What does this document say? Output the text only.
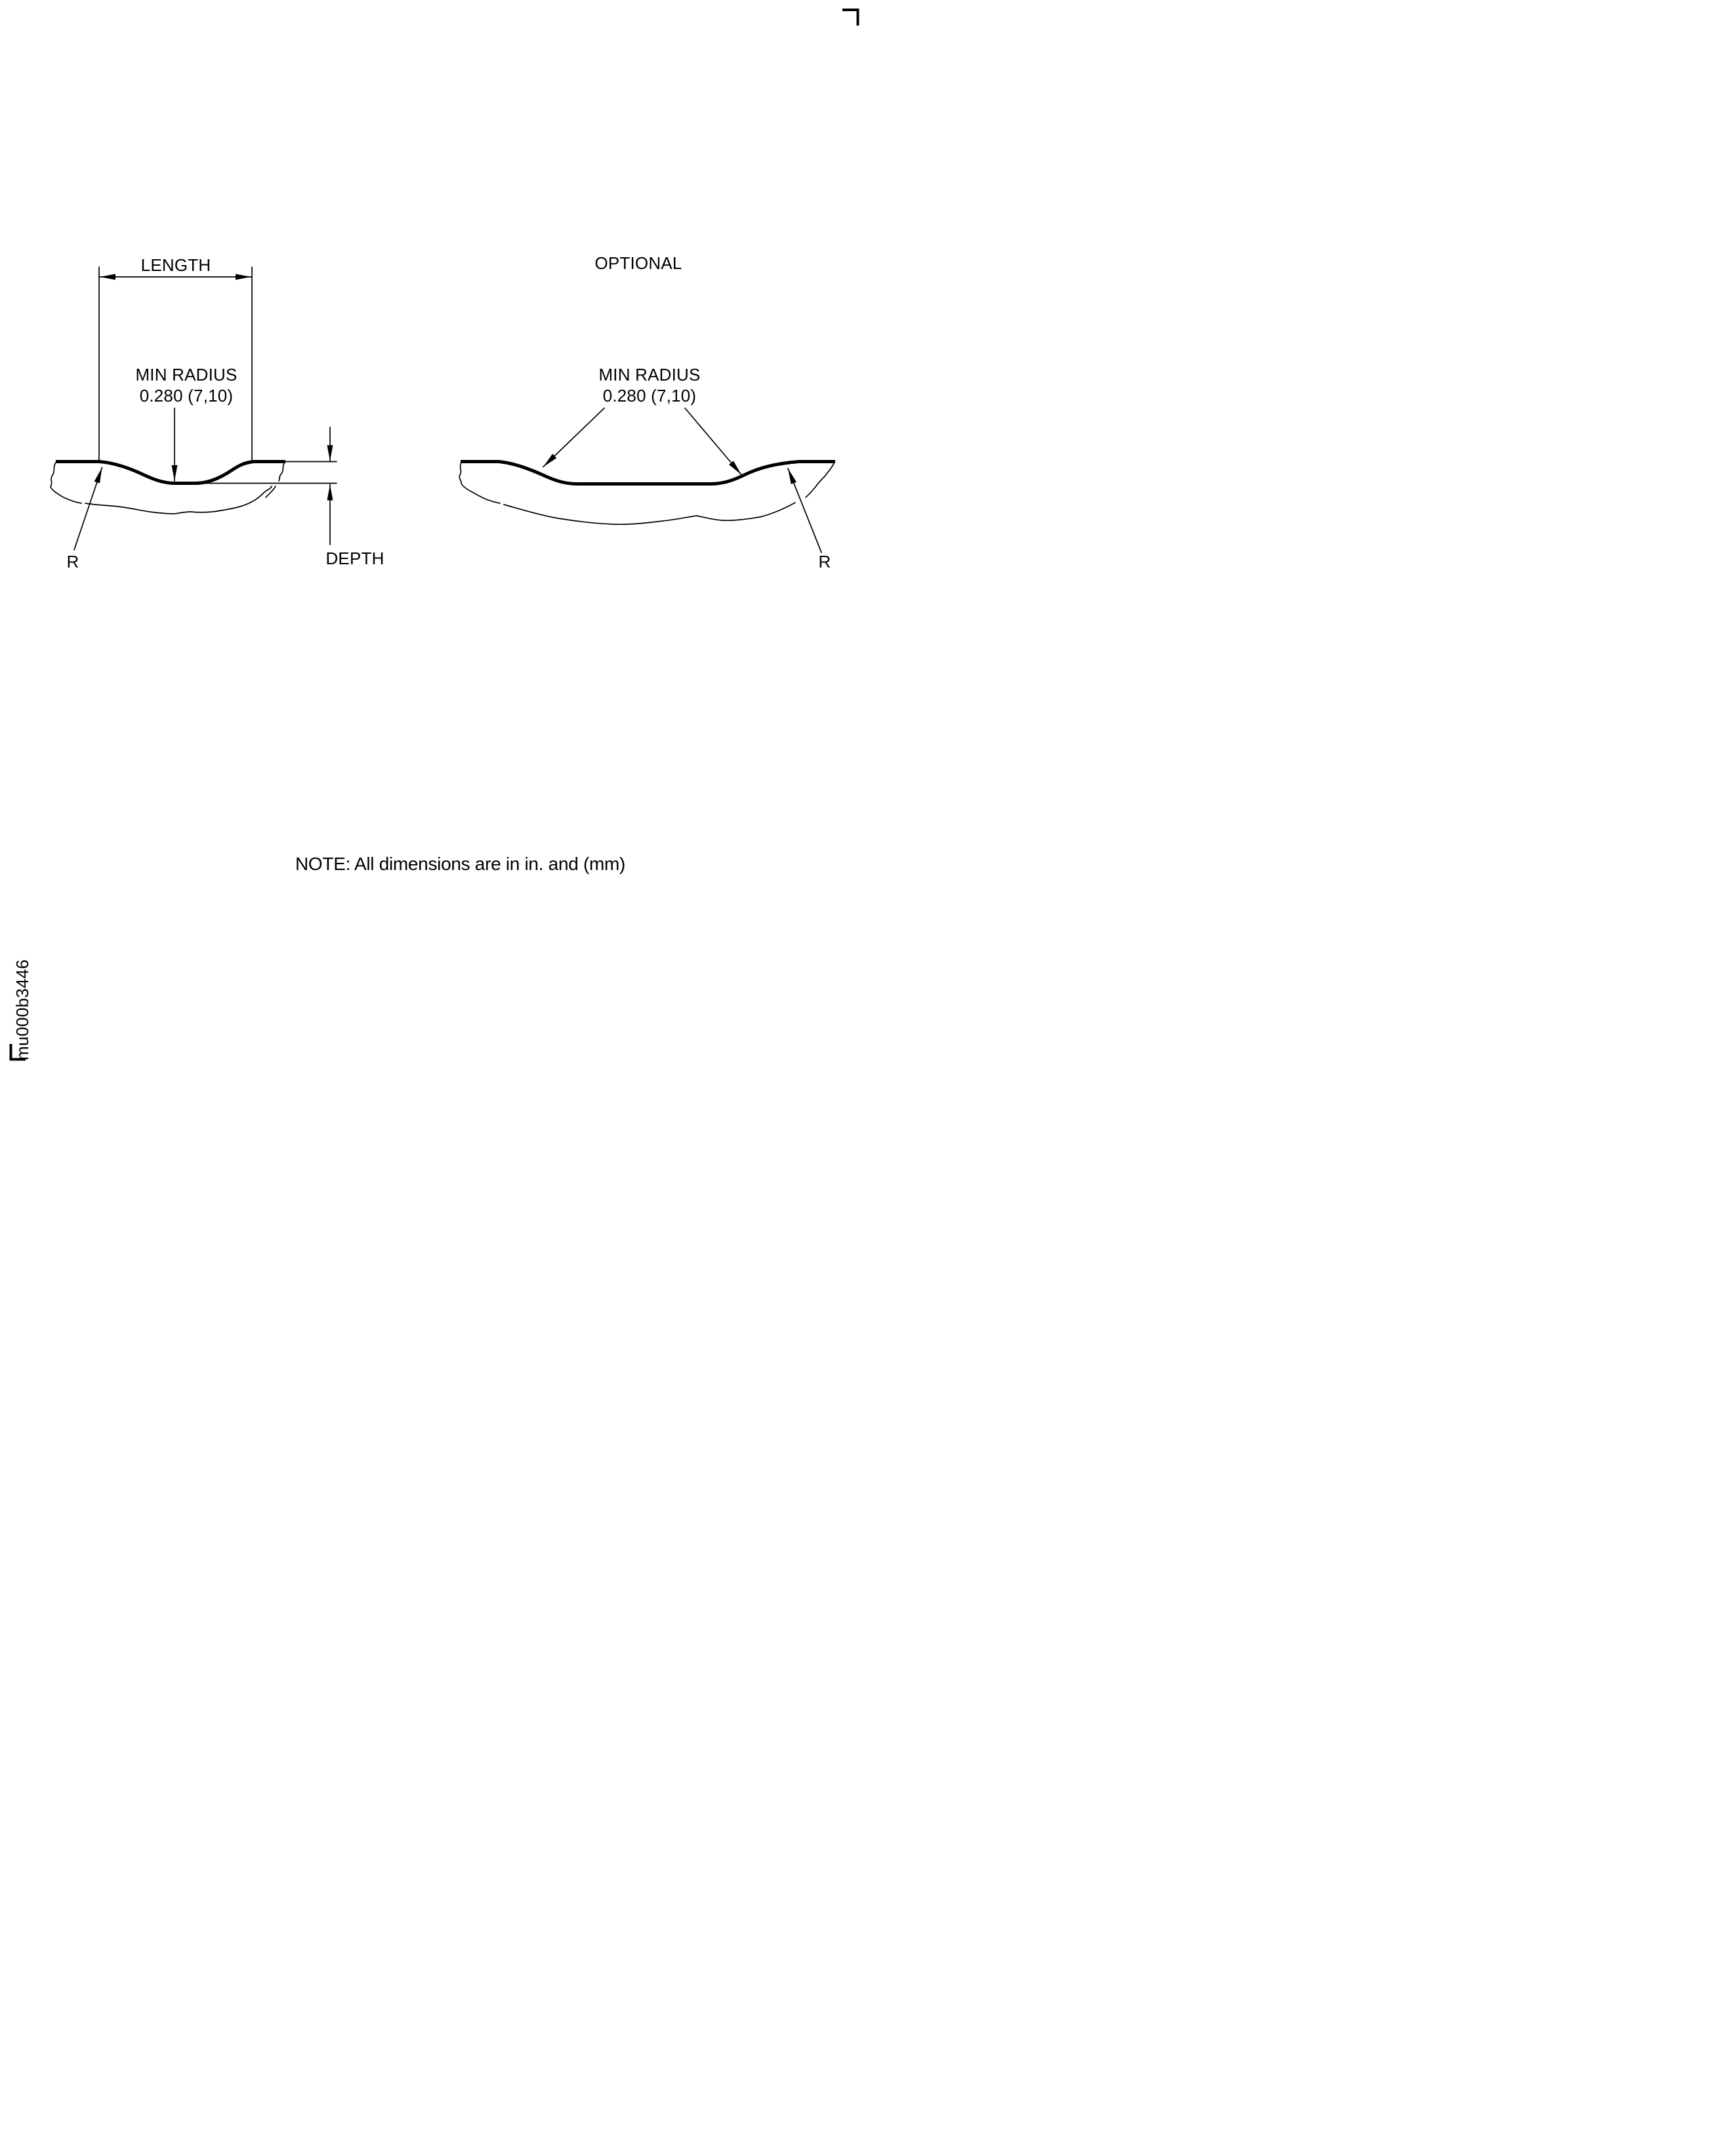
LENGTH
MIN RADIUS
0.280 (7,10)
DEPTH
R
OPTIONAL
MIN RADIUS
0.280 (7,10)
R
NOTE: All dimensions are in in. and (mm)
mu000b3446
